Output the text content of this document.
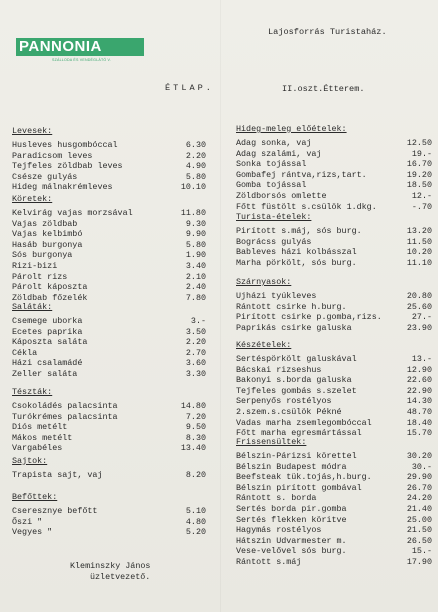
PANNONIA
SZÁLLODA ÉS VENDÉGLÁTÓ V.
Lajosforrás Turistaház.
ÉTLAP.	II.oszt.Étterem.
Kleminszky János
üzletvezető.
Levesek:
Husleves husgombóccal	6.30
Paradicsom leves	2.20
Tejfeles zöldbab leves	4.90
Csésze gulyás	5.80
Hideg málnakrémleves	10.10
Köretek:
Kelvirág vajas morzsával	11.80
Vajas zöldbab	9.30
Vajas kelbimbó	9.90
Hasáb burgonya	5.80
Sós burgonya	1.90
Rizi-bizi	3.40
Párolt rizs	2.10
Párolt káposzta	2.40
Zöldbab főzelék	7.80
Saláták:
Csemege uborka	3.-
Ecetes paprika	3.50
Káposzta saláta	2.20
Cékla	2.70
Házi csalamádé	3.60
Zeller saláta	3.30
Tészták:
Csokoládés palacsinta	14.80
Turókrémes palacsinta	7.20
Diós metélt	9.50
Mákos metélt	8.30
Vargabéles	13.40
Sajtok:
Trapista sajt, vaj	8.20
Befőttek:
Cseresznye befőtt	5.10
Őszi "	4.80
Vegyes "	5.20
Hideg-meleg előételek:
Adag sonka, vaj	12.50
Adag szalámi, vaj	19.-
Sonka tojással	16.70
Gombafej rántva,rizs,tart.	19.20
Gomba tojással	18.50
Zöldborsós omlette	12.-
Főtt füstölt s.csülök 1.dkg.	-.70
Turista-ételek:
Pirított s.máj, sós burg.	13.20
Bográcss gulyás	11.50
Bableves házi kolbásszal	10.20
Marha pörkölt, sós burg.	11.10
Szárnyasok:
Ujházi tyúkleves	20.80
Rántott csirke h.burg.	25.60
Pirított csirke p.gomba,rizs.	27.-
Paprikás csirke galuska	23.90
Készételek:
Sertéspörkölt galuskával	13.-
Bácskai rizseshus	12.90
Bakonyi s.borda galuska	22.60
Tejfeles gombás s.szelet	22.90
Serpenyős rostélyos	14.30
2.szem.s.csülök Pékné	48.70
Vadas marha zsemlegombóccal	18.40
Főtt marha egresmártással	15.70
Frissensültek:
Bélszin-Párizsi körettel	30.20
Bélszin Budapest módra	30.-
Beefsteak tük.tojás,h.burg.	29.90
Bélszin pirított gombával	26.70
Rántott s. borda	24.20
Sertés borda pir.gomba	21.40
Sertés flekken köritve	25.00
Hagymás rostélyos	21.50
Hátszin Udvarmester m.	26.50
Vese-velővel sós burg.	15.-
Rántott s.máj	17.90
